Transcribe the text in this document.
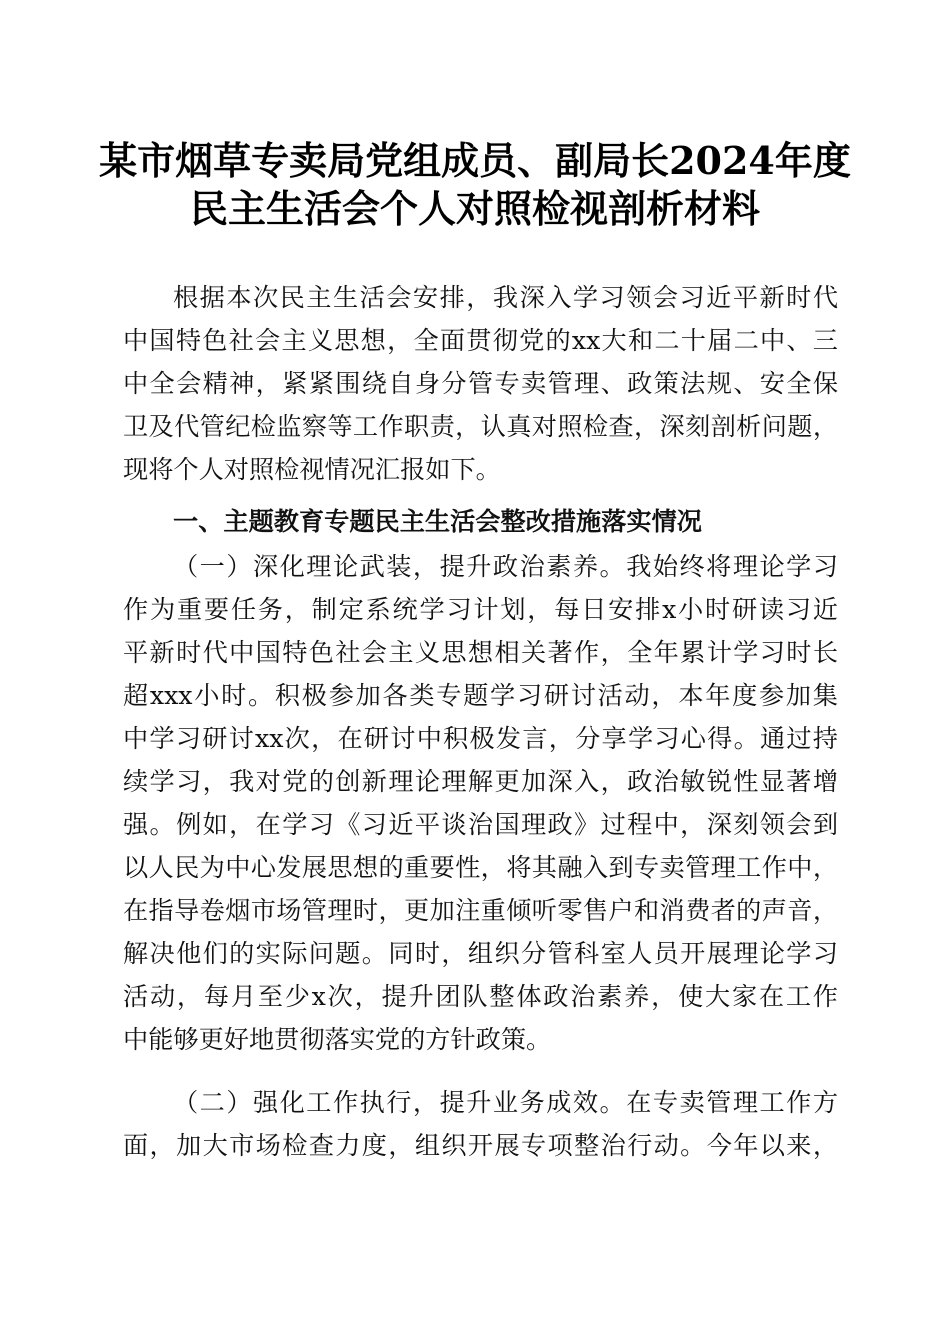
某市烟草专卖局党组成员、副局长2024年度
民主生活会个人对照检视剖析材料
根据本次民主生活会安排，我深入学习领会习近平新时代
中国特色社会主义思想，全面贯彻党的xx大和二十届二中、三
中全会精神，紧紧围绕自身分管专卖管理、政策法规、安全保
卫及代管纪检监察等工作职责，认真对照检查，深刻剖析问题，
现将个人对照检视情况汇报如下。
一、主题教育专题民主生活会整改措施落实情况
（一）深化理论武装，提升政治素养。我始终将理论学习
作为重要任务，制定系统学习计划，每日安排x小时研读习近
平新时代中国特色社会主义思想相关著作，全年累计学习时长
超xxx小时。积极参加各类专题学习研讨活动，本年度参加集
中学习研讨xx次，在研讨中积极发言，分享学习心得。通过持
续学习，我对党的创新理论理解更加深入，政治敏锐性显著增
强。例如，在学习《习近平谈治国理政》过程中，深刻领会到
以人民为中心发展思想的重要性，将其融入到专卖管理工作中，
在指导卷烟市场管理时，更加注重倾听零售户和消费者的声音，
解决他们的实际问题。同时，组织分管科室人员开展理论学习
活动，每月至少x次，提升团队整体政治素养，使大家在工作
中能够更好地贯彻落实党的方针政策。
（二）强化工作执行，提升业务成效。在专卖管理工作方
面，加大市场检查力度，组织开展专项整治行动。今年以来，
